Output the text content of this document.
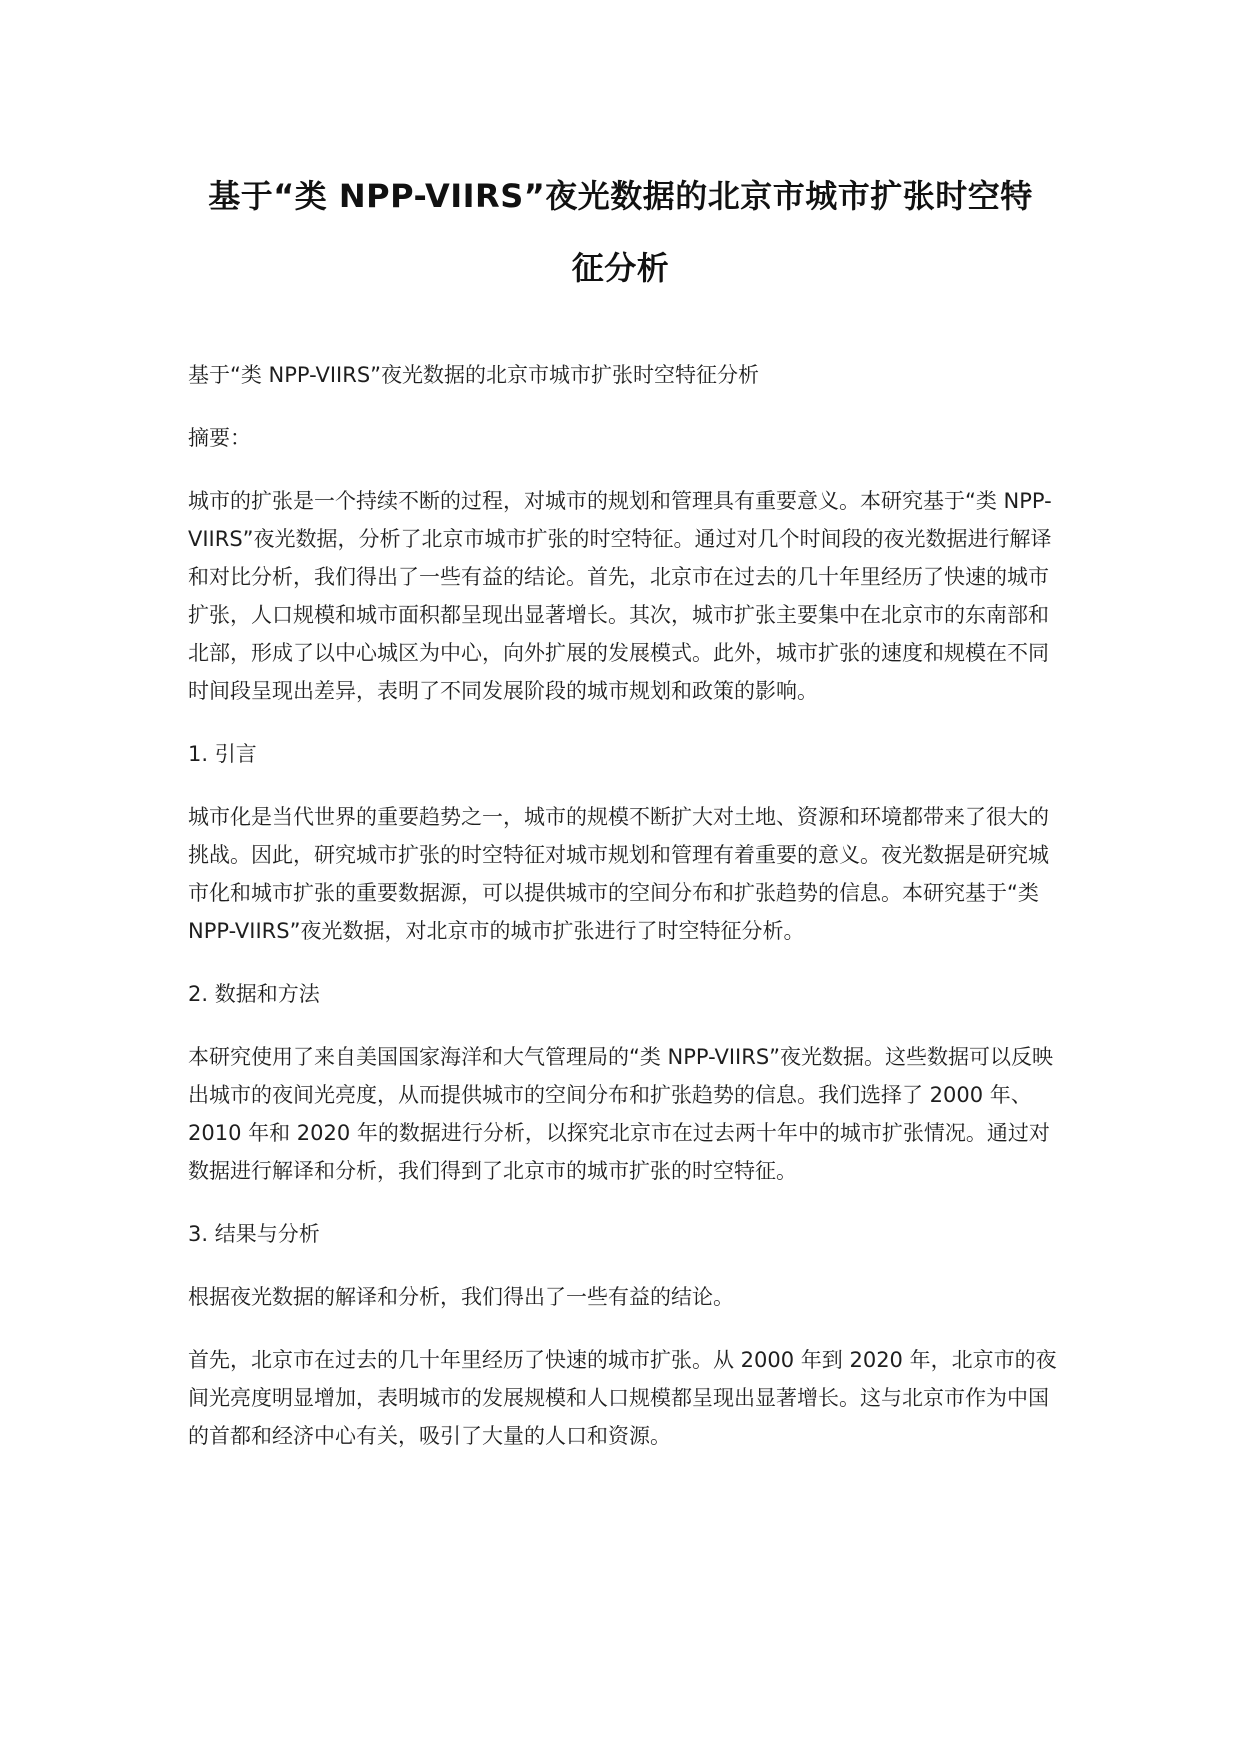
基于“类 NPP-VIIRS”夜光数据的北京市城市扩张时空特
征分析

基于“类 NPP-VIIRS”夜光数据的北京市城市扩张时空特征分析

摘要：

城市的扩张是一个持续不断的过程，对城市的规划和管理具有重要意义。本研究基于“类 NPP-VIIRS”夜光数据，分析了北京市城市扩张的时空特征。通过对几个时间段的夜光数据进行解译和对比分析，我们得出了一些有益的结论。首先，北京市在过去的几十年里经历了快速的城市扩张，人口规模和城市面积都呈现出显著增长。其次，城市扩张主要集中在北京市的东南部和北部，形成了以中心城区为中心，向外扩展的发展模式。此外，城市扩张的速度和规模在不同时间段呈现出差异，表明了不同发展阶段的城市规划和政策的影响。

1. 引言

城市化是当代世界的重要趋势之一，城市的规模不断扩大对土地、资源和环境都带来了很大的挑战。因此，研究城市扩张的时空特征对城市规划和管理有着重要的意义。夜光数据是研究城市化和城市扩张的重要数据源，可以提供城市的空间分布和扩张趋势的信息。本研究基于“类 NPP-VIIRS”夜光数据，对北京市的城市扩张进行了时空特征分析。

2. 数据和方法

本研究使用了来自美国国家海洋和大气管理局的“类 NPP-VIIRS”夜光数据。这些数据可以反映出城市的夜间光亮度，从而提供城市的空间分布和扩张趋势的信息。我们选择了 2000 年、2010 年和 2020 年的数据进行分析，以探究北京市在过去两十年中的城市扩张情况。通过对数据进行解译和分析，我们得到了北京市的城市扩张的时空特征。

3. 结果与分析

根据夜光数据的解译和分析，我们得出了一些有益的结论。

首先，北京市在过去的几十年里经历了快速的城市扩张。从 2000 年到 2020 年，北京市的夜间光亮度明显增加，表明城市的发展规模和人口规模都呈现出显著增长。这与北京市作为中国的首都和经济中心有关，吸引了大量的人口和资源。
